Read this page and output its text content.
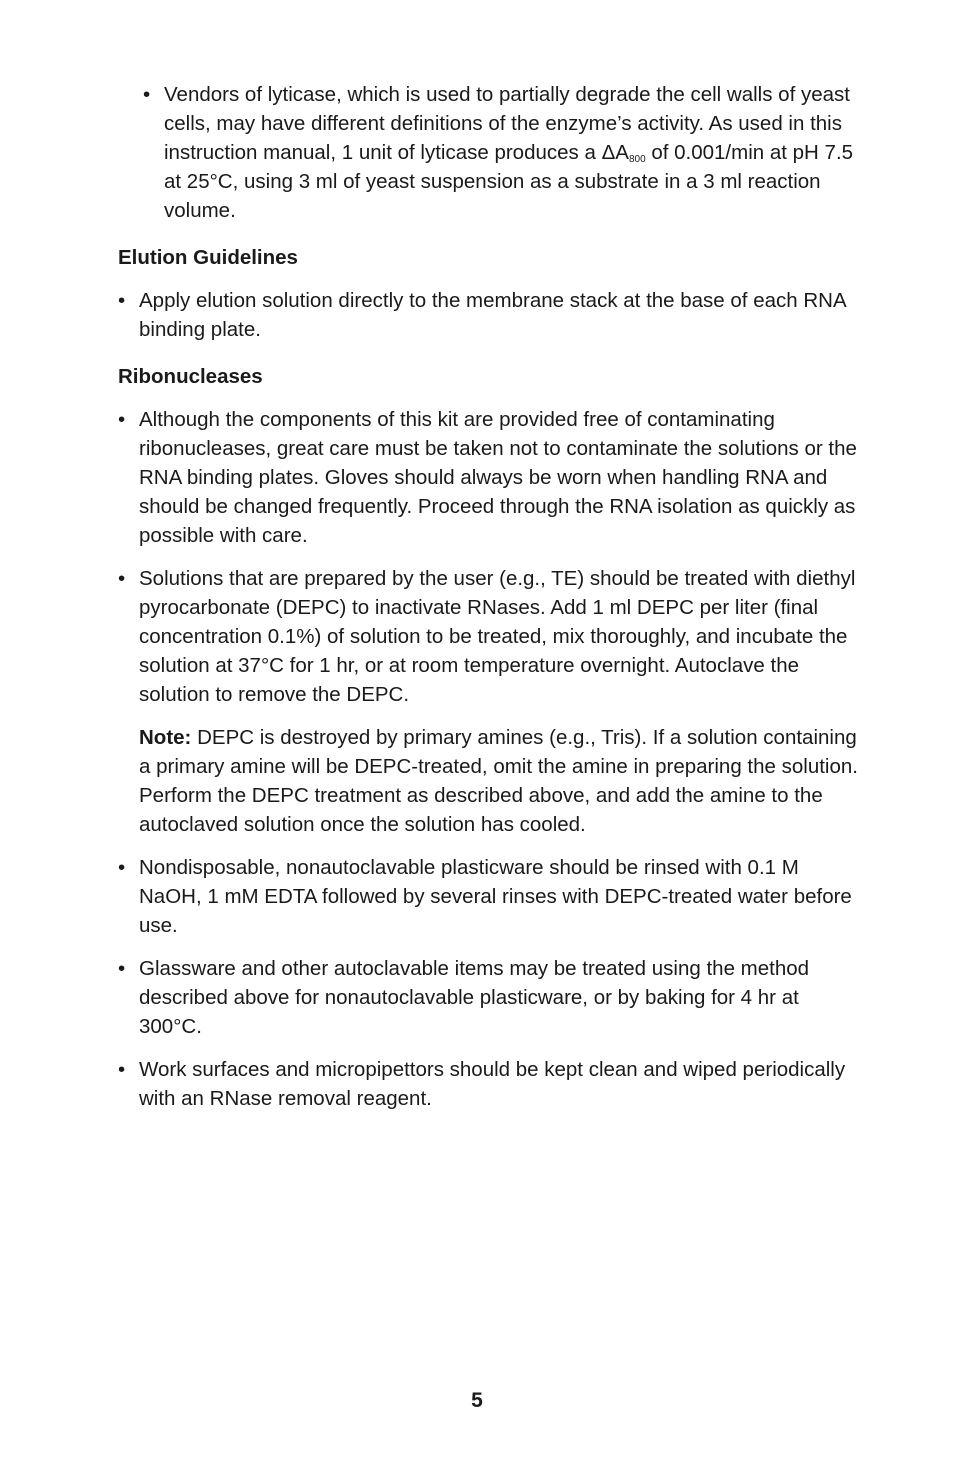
• Vendors of lyticase, which is used to partially degrade the cell walls of yeast cells, may have different definitions of the enzyme’s activity. As used in this instruction manual, 1 unit of lyticase produces a $\Delta A_{800}$ of 0.001/min at pH 7.5 at 25°C, using 3 ml of yeast suspension as a substrate in a 3 ml reaction volume.
Elution Guidelines
• Apply elution solution directly to the membrane stack at the base of each RNA binding plate.
Ribonucleases
• Although the components of this kit are provided free of contaminating ribonucleases, great care must be taken not to contaminate the solutions or the RNA binding plates. Gloves should always be worn when handling RNA and should be changed frequently. Proceed through the RNA isolation as quickly as possible with care.
• Solutions that are prepared by the user (e.g., TE) should be treated with diethyl pyrocarbonate (DEPC) to inactivate RNases. Add 1 ml DEPC per liter (final concentration 0.1%) of solution to be treated, mix thoroughly, and incubate the solution at 37°C for 1 hr, or at room temperature overnight. Autoclave the solution to remove the DEPC.
Note: DEPC is destroyed by primary amines (e.g., Tris). If a solution containing a primary amine will be DEPC-treated, omit the amine in preparing the solution. Perform the DEPC treatment as described above, and add the amine to the autoclaved solution once the solution has cooled.
• Nondisposable, nonautoclavable plasticware should be rinsed with 0.1 M NaOH, 1 mM EDTA followed by several rinses with DEPC-treated water before use.
• Glassware and other autoclavable items may be treated using the method described above for nonautoclavable plasticware, or by baking for 4 hr at 300°C.
• Work surfaces and micropipettors should be kept clean and wiped periodically with an RNase removal reagent.
5
